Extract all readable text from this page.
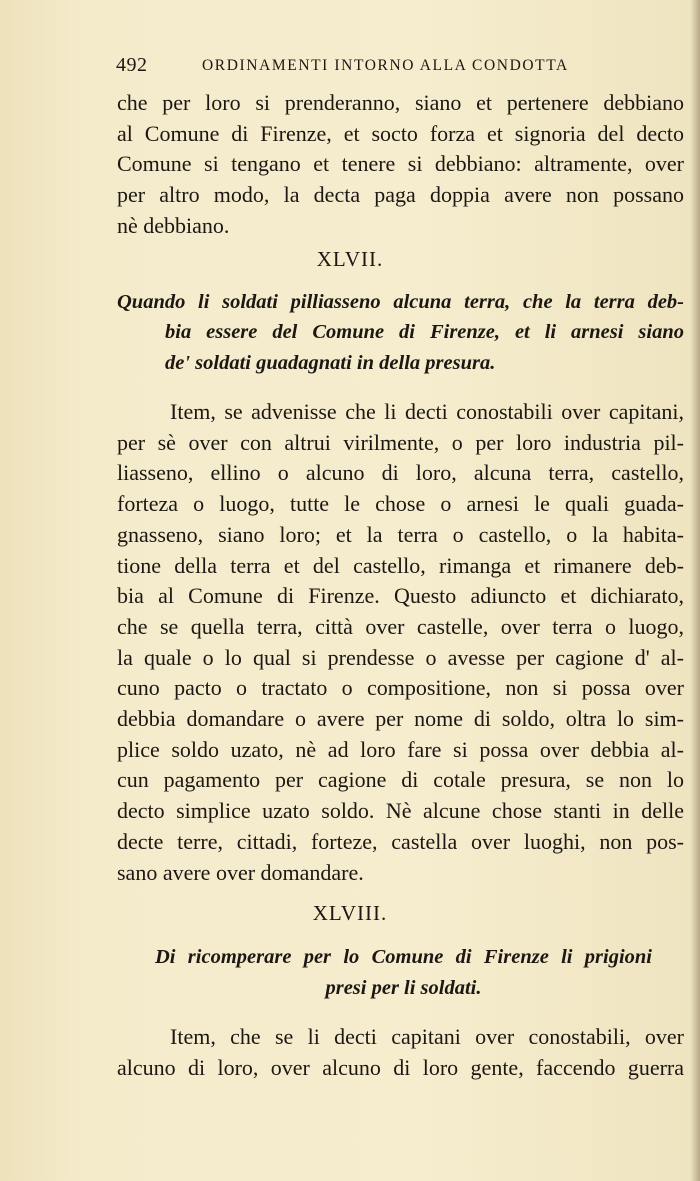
492	ORDINAMENTI INTORNO ALLA CONDOTTA
che per loro si prenderanno, siano et pertenere debbiano
al Comune di Firenze, et socto forza et signoria del decto
Comune si tengano et tenere si debbiano: altramente, over
per altro modo, la decta paga doppia avere non possano
nè debbiano.
XLVII.
Quando li soldati pilliasseno alcuna terra, che la terra deb-
bia essere del Comune di Firenze, et li arnesi siano
de' soldati guadagnati in della presura.
Item, se advenisse che li decti conostabili over capitani,
per sè over con altrui virilmente, o per loro industria pil-
liasseno, ellino o alcuno di loro, alcuna terra, castello,
forteza o luogo, tutte le chose o arnesi le quali guada-
gnasseno, siano loro; et la terra o castello, o la habita-
tione della terra et del castello, rimanga et rimanere deb-
bia al Comune di Firenze. Questo adiuncto et dichiarato,
che se quella terra, città over castelle, over terra o luogo,
la quale o lo qual si prendesse o avesse per cagione d' al-
cuno pacto o tractato o compositione, non si possa over
debbia domandare o avere per nome di soldo, oltra lo sim-
plice soldo uzato, nè ad loro fare si possa over debbia al-
cun pagamento per cagione di cotale presura, se non lo
decto simplice uzato soldo. Nè alcune chose stanti in delle
decte terre, cittadi, forteze, castella over luoghi, non pos-
sano avere over domandare.
XLVIII.
Di ricomperare per lo Comune di Firenze li prigioni
presi per li soldati.
Item, che se li decti capitani over conostabili, over
alcuno di loro, over alcuno di loro gente, faccendo guerra
